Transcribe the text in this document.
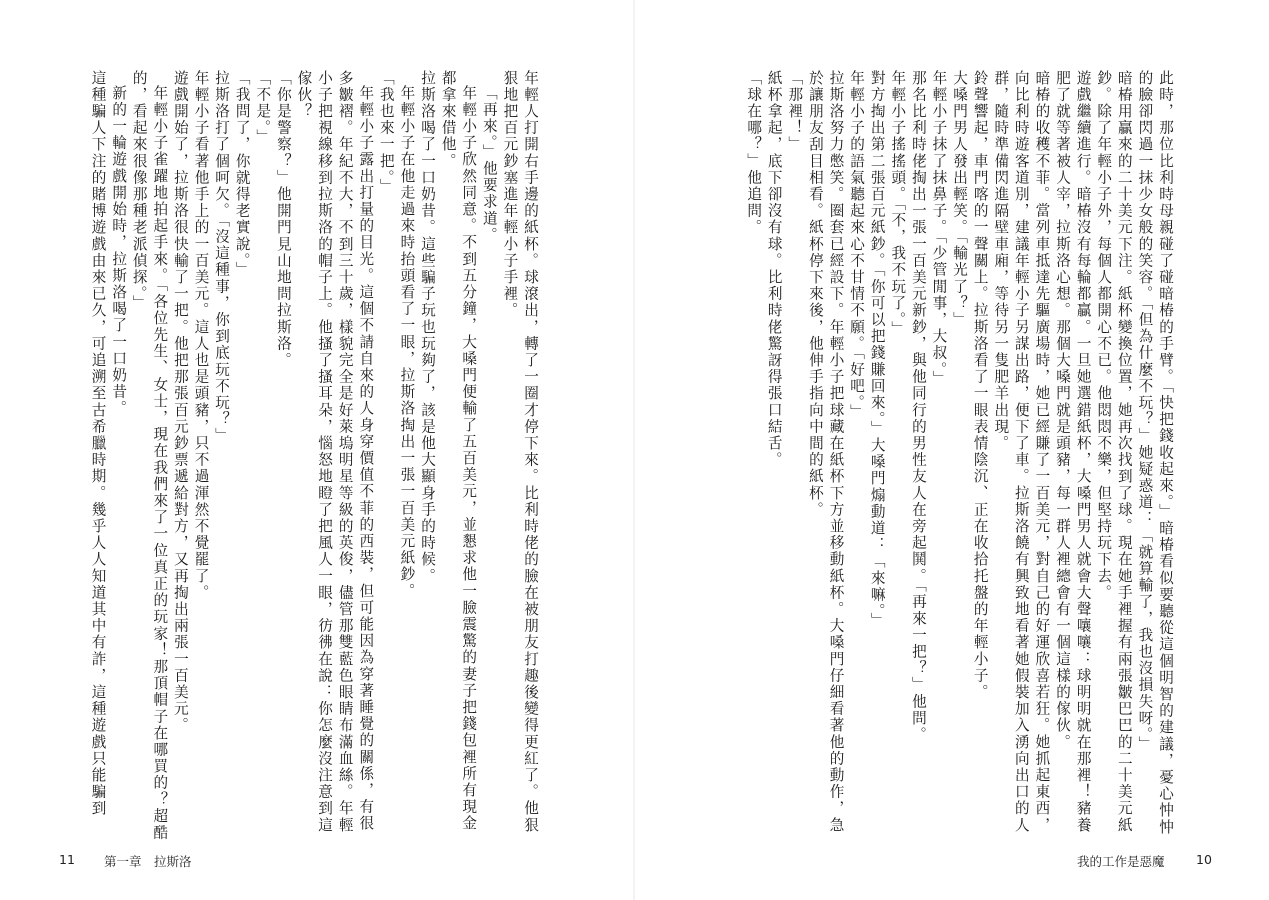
年輕人打開右手邊的紙杯。球滾出，轉了一圈才停下來。比利時佬的臉在被朋友打趣後變得更紅了。他狠狠地把百元鈔塞進年輕小子手裡。

「再來。」他要求道。

年輕小子欣然同意。不到五分鐘，大嗓門便輸了五百美元，並懇求他一臉震驚的妻子把錢包裡所有現金都拿來借他。

拉斯洛喝了一口奶昔。這些騙子玩也玩夠了，該是他大顯身手的時候。

年輕小子在他走過來時抬頭看了一眼，拉斯洛掏出一張一百美元紙鈔。

「我也來一把。」

年輕小子露出打量的目光。這個不請自來的人身穿價值不菲的西裝，但可能因為穿著睡覺的關係，有很多皺褶。年紀不大，不到三十歲，樣貌完全是好萊塢明星等級的英俊，儘管那雙藍色眼睛布滿血絲。年輕小子把視線移到拉斯洛的帽子上。他搔了搔耳朵，惱怒地瞪了把風人一眼，彷彿在說：你怎麼沒注意到這傢伙？

「你是警察？」他開門見山地問拉斯洛。

「不是。」

「我問了，你就得老實說。」

拉斯洛打了個呵欠。「沒這種事，你到底玩不玩？」

年輕小子看著他手上的一百美元。這人也是頭豬，只不過渾然不覺罷了。

遊戲開始了，拉斯洛很快輸了一把。他把那張百元鈔票遞給對方，又再掏出兩張一百美元。

年輕小子雀躍地拍起手來。「各位先生、女士，現在我們來了一位真正的玩家！那頂帽子在哪買的？超酷的，看起來很像那種老派偵探。」

新的一輪遊戲開始時，拉斯洛喝了一口奶昔。

這種騙人下注的賭博遊戲由來已久，可追溯至古希臘時期。幾乎人人知道其中有詐，這種遊戲只能騙到

11 第一章　拉斯洛

此時，那位比利時母親碰了碰暗椿的手臂。「快把錢收起來。」暗椿看似要聽從這個明智的建議，憂心忡忡的臉卻閃過一抹少女般的笑容。「但為什麼不玩？」她疑惑道：「就算輸了，我也沒損失呀。」

暗椿用贏來的二十美元下注。紙杯變換位置，她再次找到了球。現在她手裡握有兩張皺巴巴的二十美元紙鈔。除了年輕小子外，每個人都開心不已。他悶悶不樂，但堅持玩下去。

遊戲繼續進行。暗椿沒有每輪都贏。一旦她選錯紙杯，大嗓門男人就會大聲嚷嚷：球明明就在那裡！豬養肥了就等著被人宰，拉斯洛心想。那個大嗓門就是頭豬，每一群人裡總會有一個這樣的傢伙。

暗椿的收穫不菲。當列車抵達先驅廣場時，她已經賺了一百美元，對自己的好運欣喜若狂。她抓起東西，向比利時遊客道別，建議年輕小子另謀出路，便下了車。拉斯洛饒有興致地看著她假裝加入湧向出口的人群，隨時準備閃進隔壁車廂，等待另一隻肥羊出現。

鈴聲響起，車門喀的一聲關上。拉斯洛看了一眼表情陰沉、正在收拾托盤的年輕小子。

大嗓門男人發出輕笑。「輸光了？」

年輕小子抹了抹鼻子。「少管閒事，大叔。」

那名比利時佬掏出一張一百美元新鈔，與他同行的男性友人在旁起鬨。「再來一把？」他問。

年輕小子搖搖頭。「不，我不玩了。」

對方掏出第二張百元紙鈔。「你可以把錢賺回來。」大嗓門煽動道：「來嘛。」

年輕小子的語氣聽起來心不甘情不願。「好吧。」

拉斯洛努力憋笑。圈套已經設下。年輕小子把球藏在紙杯下方並移動紙杯。大嗓門仔細看著他的動作，急於讓朋友刮目相看。紙杯停下來後，他伸手指向中間的紙杯。

「那裡！」

紙杯拿起，底下卻沒有球。比利時佬驚訝得張口結舌。

「球在哪？」他追問。

我的工作是惡魔	10
